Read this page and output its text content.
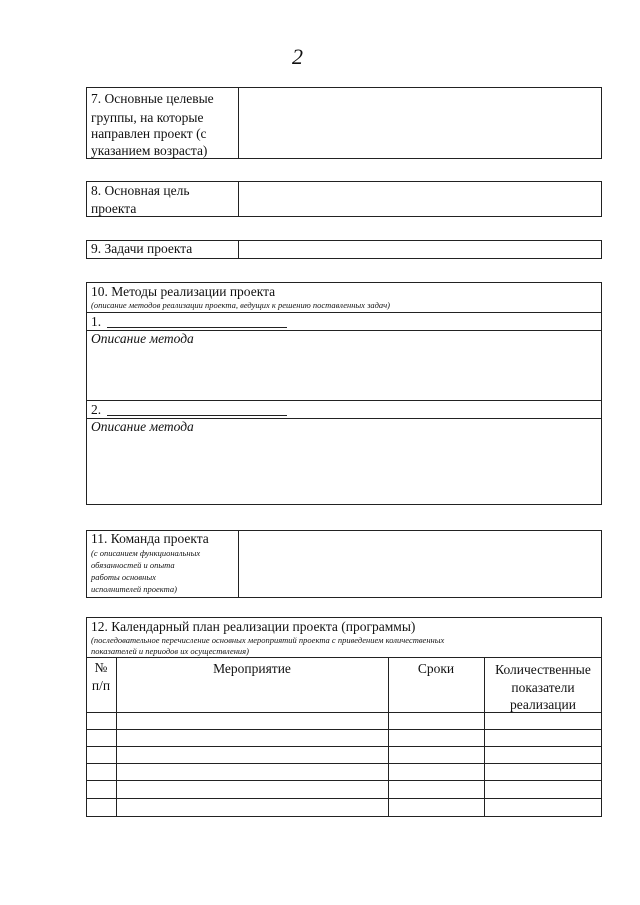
2
7. Основные целевые
группы, на которые
направлен проект (с
указанием возраста)
8. Основная цель
проекта
9. Задачи проекта
10. Методы реализации проекта
(описание методов реализации проекта, ведущих к решению поставленных задач)
1.
Описание метода
2.
Описание метода
11. Команда проекта
(с описанием функциональных
обязанностей и опыта
работы основных
исполнителей проекта)
12. Календарный план реализации проекта (программы)
(последовательное перечисление основных мероприятий проекта с приведением количественных
показателей и периодов их осуществления)
№
п/п
Мероприятие	Сроки	Количественные
показатели
реализации
